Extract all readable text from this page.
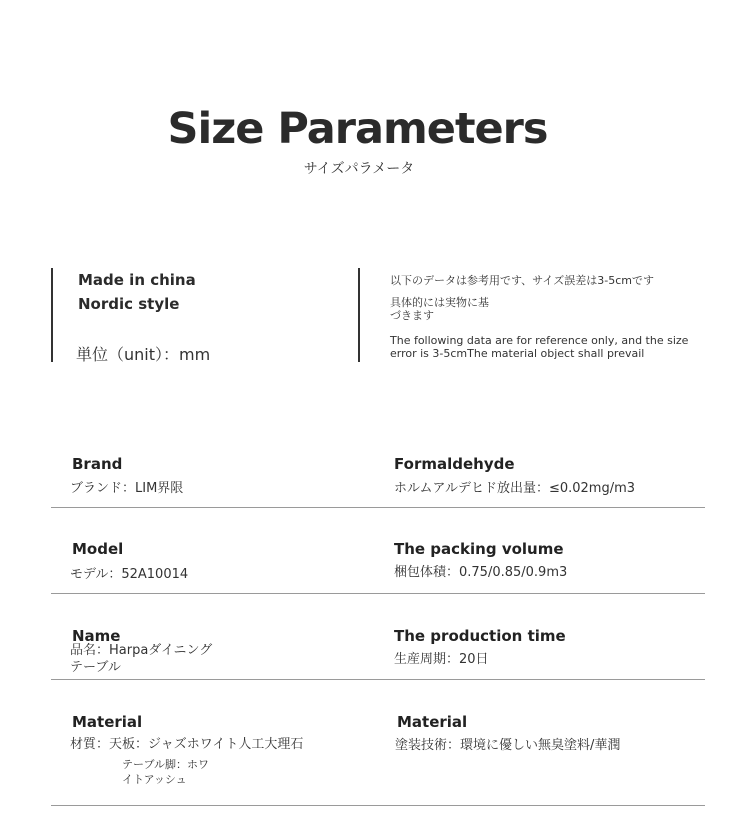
Size Parameters
サイズパラメータ
Made in china
Nordic style
単位（unit）：mm
以下のデータは参考用です、サイズ誤差は3-5cmです
具体的には実物に基
づきます
The following data are for reference only, and the size
error is 3-5cmThe material object shall prevail
Brand
ブランド：LIM界限
Formaldehyde
ホルムアルデヒド放出量：≤0.02mg/m3
Model
モデル：52A10014
The packing volume
梱包体積：0.75/0.85/0.9m3
Name
品名：Harpaダイニング
テーブル
The production time
生産周期：20日
Material
材質：天板：ジャズホワイト人工大理石
テーブル脚：ホワ
イトアッシュ
Material
塗装技術：環境に優しい無臭塗料/華潤
